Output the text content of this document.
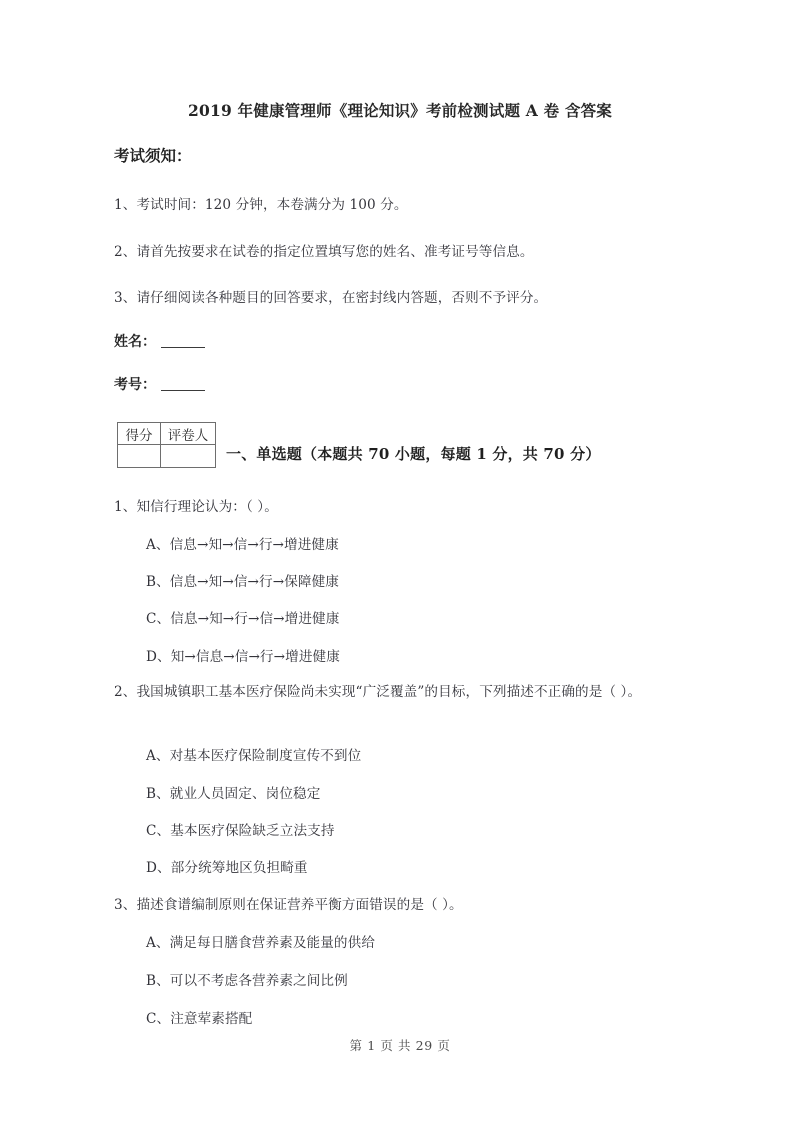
2019 年健康管理师《理论知识》考前检测试题 A 卷 含答案
考试须知：
1、考试时间：120 分钟，本卷满分为 100 分。
2、请首先按要求在试卷的指定位置填写您的姓名、准考证号等信息。
3、请仔细阅读各种题目的回答要求，在密封线内答题，否则不予评分。
姓名：
考号：
得分	评卷人

一、单选题（本题共 70 小题，每题 1 分，共 70 分）
1、知信行理论认为：（ ）。
A、信息→知→信→行→增进健康
B、信息→知→信→行→保障健康
C、信息→知→行→信→增进健康
D、知→信息→信→行→增进健康
2、我国城镇职工基本医疗保险尚未实现“广泛覆盖”的目标，下列描述不正确的是（ ）。
A、对基本医疗保险制度宣传不到位
B、就业人员固定、岗位稳定
C、基本医疗保险缺乏立法支持
D、部分统筹地区负担畸重
3、描述食谱编制原则在保证营养平衡方面错误的是（ ）。
A、满足每日膳食营养素及能量的供给
B、可以不考虑各营养素之间比例
C、注意荤素搭配
第 1 页 共 29 页
